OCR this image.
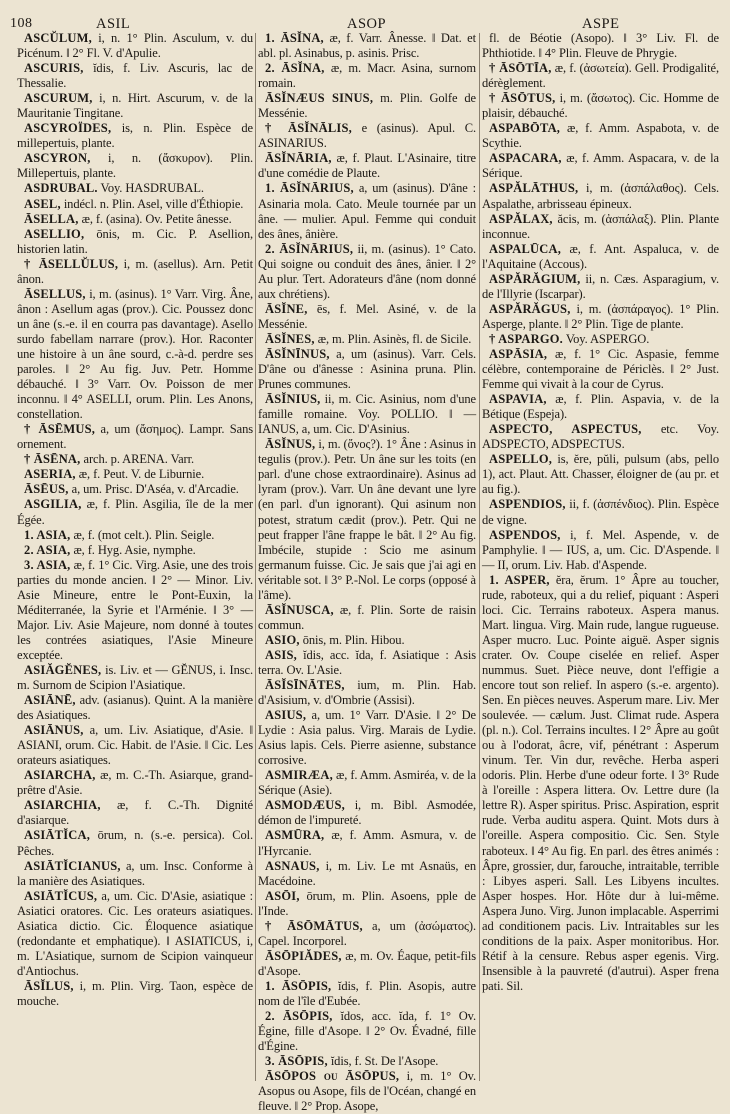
108	ASIL	ASOP	ASPE

ASCŬLUM, i, n. 1° Plin. Asculum, v. du Picénum. ‖ 2° Fl. V. d'Apulie.

ASCURIS, ĭdis, f. Liv. Ascuris, lac de Thessalie.

ASCURUM, i, n. Hirt. Ascurum, v. de la Mauritanie Tingitane.

ASCYROÏDES, is, n. Plin. Espèce de millepertuis, plante.

ASCYRON, i, n. (ἄσκυρον). Plin. Millepertuis, plante.

ASDRUBAL. Voy. HASDRUBAL.

ASEL, indécl. n. Plin. Asel, ville d'Éthiopie.

ĀSELLA, æ, f. (asina). Ov. Petite ânesse.

ASELLIO, ōnis, m. Cic. P. Asellion, historien latin.

† ĀSELLŬLUS, i, m. (asellus). Arn. Petit ânon.

ĀSELLUS, i, m. (asinus). 1° Varr. Virg. Âne, ânon : Asellum agas (prov.). Cic. Poussez donc un âne (s.-e. il en courra pas davantage). Asello surdo fabellam narrare (prov.). Hor. Raconter une histoire à un âne sourd, c.-à-d. perdre ses paroles. ‖ 2° Au fig. Juv. Petr. Homme débauché. ‖ 3° Varr. Ov. Poisson de mer inconnu. ‖ 4° ASELLI, orum. Plin. Les Anons, constellation.

† ĀSĒMUS, a, um (ἄσημος). Lampr. Sans ornement.

† ĀSĒNA, arch. p. ARENA. Varr.

ASERIA, æ, f. Peut. V. de Liburnie.

ĀSĒUS, a, um. Prisc. D'Aséa, v. d'Arcadie.

ASGILIA, æ, f. Plin. Asgilia, île de la mer Égée.

1. ASIA, æ, f. (mot celt.). Plin. Seigle.

2. ASIA, æ, f. Hyg. Asie, nymphe.

3. ASIA, æ, f. 1° Cic. Virg. Asie, une des trois parties du monde ancien. ‖ 2° — Minor. Liv. Asie Mineure, entre le Pont-Euxin, la Méditerranée, la Syrie et l'Arménie. ‖ 3° — Major. Liv. Asie Majeure, nom donné à toutes les contrées asiatiques, l'Asie Mineure exceptée.

ASIĂGĔNES, is. Liv. et — GĔNUS, i. Insc. m. Surnom de Scipion l'Asiatique.

ASIĀNĒ, adv. (asianus). Quint. A la manière des Asiatiques.

ASIĀNUS, a, um. Liv. Asiatique, d'Asie. ‖ ASIANI, orum. Cic. Habit. de l'Asie. ‖ Cic. Les orateurs asiatiques.

ASIARCHA, æ, m. C.-Th. Asiarque, grand-prêtre d'Asie.

ASIARCHIA, æ, f. C.-Th. Dignité d'asiarque.

ASIĀTĬCA, ōrum, n. (s.-e. persica). Col. Pêches.

ASIĀTĬCIANUS, a, um. Insc. Conforme à la manière des Asiatiques.

ASIĀTĬCUS, a, um. Cic. D'Asie, asiatique : Asiatici oratores. Cic. Les orateurs asiatiques. Asiatica dictio. Cic. Éloquence asiatique (redondante et emphatique). ‖ ASIATICUS, i, m. L'Asiatique, surnom de Scipion vainqueur d'Antiochus.

ĀSĬLUS, i, m. Plin. Virg. Taon, espèce de mouche.

1. ĀSĬNA, æ, f. Varr. Ânesse. ‖ Dat. et abl. pl. Asinabus, p. asinis. Prisc.

2. ĀSĬNA, æ, m. Macr. Asina, surnom romain.

ĀSĬNÆUS SINUS, m. Plin. Golfe de Messénie.

† ĀSĬNĀLIS, e (asinus). Apul. C. ASINARIUS.

ĀSĬNĀRIA, æ, f. Plaut. L'Asinaire, titre d'une comédie de Plaute.

1. ĀSĬNĀRIUS, a, um (asinus). D'âne : Asinaria mola. Cato. Meule tournée par un âne. — mulier. Apul. Femme qui conduit des ânes, ânière.

2. ĀSĬNĀRIUS, ii, m. (asinus). 1° Cato. Qui soigne ou conduit des ânes, ânier. ‖ 2° Au plur. Tert. Adorateurs d'âne (nom donné aux chrétiens).

ĀSĬNE, ēs, f. Mel. Asiné, v. de la Messénie.

ĀSĬNES, æ, m. Plin. Asinès, fl. de Sicile.

ĀSĬNĪNUS, a, um (asinus). Varr. Cels. D'âne ou d'ânesse : Asinina pruna. Plin. Prunes communes.

ĀSĬNIUS, ii, m. Cic. Asinius, nom d'une famille romaine. Voy. POLLIO. ‖ — IANUS, a, um. Cic. D'Asinius.

ĀSĬNUS, i, m. (ὄνος?). 1° Âne : Asinus in tegulis (prov.). Petr. Un âne sur les toits (en parl. d'une chose extraordinaire). Asinus ad lyram (prov.). Varr. Un âne devant une lyre (en parl. d'un ignorant). Qui asinum non potest, stratum cædit (prov.). Petr. Qui ne peut frapper l'âne frappe le bât. ‖ 2° Au fig. Imbécile, stupide : Scio me asinum germanum fuisse. Cic. Je sais que j'ai agi en véritable sot. ‖ 3° P.-Nol. Le corps (opposé à l'âme).

ĀSĬNUSCA, æ, f. Plin. Sorte de raisin commun.

ASIO, ōnis, m. Plin. Hibou.

ASIS, ĭdis, acc. ĭda, f. Asiatique : Asis terra. Ov. L'Asie.

ĀSĬSĪNĀTES, ium, m. Plin. Hab. d'Asisium, v. d'Ombrie (Assisi).

ASIUS, a, um. 1° Varr. D'Asie. ‖ 2° De Lydie : Asia palus. Virg. Marais de Lydie. Asius lapis. Cels. Pierre asienne, substance corrosive.

ASMIRÆA, æ, f. Amm. Asmiréa, v. de la Sérique (Asie).

ASMODÆUS, i, m. Bibl. Asmodée, démon de l'impureté.

ASMŪRA, æ, f. Amm. Asmura, v. de l'Hyrcanie.

ASNAUS, i, m. Liv. Le mt Asnaüs, en Macédoine.

ASŌI, ōrum, m. Plin. Asoens, pple de l'Inde.

† ĀSŌMĀTUS, a, um (ἀσώματος). Capel. Incorporel.

ĀSŌPIĂDES, æ, m. Ov. Éaque, petit-fils d'Asope.

1. ĀSŌPIS, ĭdis, f. Plin. Asopis, autre nom de l'île d'Eubée.

2. ĀSŌPIS, ĭdos, acc. ĭda, f. 1° Ov. Égine, fille d'Asope. ‖ 2° Ov. Évadné, fille d'Égine.

3. ĀSŌPIS, ĭdis, f. St. De l'Asope.

ĀSŌPOS ou ĀSŌPUS, i, m. 1° Ov. Asopus ou Asope, fils de l'Océan, changé en fleuve. ‖ 2° Prop. Asope,

fl. de Béotie (Asopo). ‖ 3° Liv. Fl. de Phthiotide. ‖ 4° Plin. Fleuve de Phrygie.

† ĀSŌTĪA, æ, f. (ἀσωτεία). Gell. Prodigalité, dérèglement.

† ĀSŌTUS, i, m. (ἄσωτος). Cic. Homme de plaisir, débauché.

ASPABŌTA, æ, f. Amm. Aspabota, v. de Scythie.

ASPACARA, æ, f. Amm. Aspacara, v. de la Sérique.

ASPĂLĀTHUS, i, m. (ἀσπάλαθος). Cels. Aspalathe, arbrisseau épineux.

ASPĂLAX, ăcis, m. (ἀσπάλαξ). Plin. Plante inconnue.

ASPALŪCA, æ, f. Ant. Aspaluca, v. de l'Aquitaine (Accous).

ASPĂRĂGIUM, ii, n. Cæs. Asparagium, v. de l'Illyrie (Iscarpar).

ASPĂRĂGUS, i, m. (ἀσπάραγος). 1° Plin. Asperge, plante. ‖ 2° Plin. Tige de plante.

† ASPARGO. Voy. ASPERGO.

ASPĀSIA, æ, f. 1° Cic. Aspasie, femme célèbre, contemporaine de Périclès. ‖ 2° Just. Femme qui vivait à la cour de Cyrus.

ASPAVIA, æ, f. Plin. Aspavia, v. de la Bétique (Espeja).

ASPECTO, ASPECTUS, etc. Voy. ADSPECTO, ADSPECTUS.

ASPELLO, is, ĕre, pŭli, pulsum (abs, pello 1), act. Plaut. Att. Chasser, éloigner de (au pr. et au fig.).

ASPENDIOS, ii, f. (ἀσπένδιος). Plin. Espèce de vigne.

ASPENDOS, i, f. Mel. Aspende, v. de Pamphylie. ‖ — IUS, a, um. Cic. D'Aspende. ‖ — II, orum. Liv. Hab. d'Aspende.

1. ASPER, ĕra, ĕrum. 1° Âpre au toucher, rude, raboteux, qui a du relief, piquant : Asperi loci. Cic. Terrains raboteux. Aspera manus. Mart. lingua. Virg. Main rude, langue rugueuse. Asper mucro. Luc. Pointe aiguë. Asper signis crater. Ov. Coupe ciselée en relief. Asper nummus. Suet. Pièce neuve, dont l'effigie a encore tout son relief. In aspero (s.-e. argento). Sen. En pièces neuves. Asperum mare. Liv. Mer soulevée. — cælum. Just. Climat rude. Aspera (pl. n.). Col. Terrains incultes. ‖ 2° Âpre au goût ou à l'odorat, âcre, vif, pénétrant : Asperum vinum. Ter. Vin dur, revêche. Herba asperi odoris. Plin. Herbe d'une odeur forte. ‖ 3° Rude à l'oreille : Aspera littera. Ov. Lettre dure (la lettre R). Asper spiritus. Prisc. Aspiration, esprit rude. Verba auditu aspera. Quint. Mots durs à l'oreille. Aspera compositio. Cic. Sen. Style raboteux. ‖ 4° Au fig. En parl. des êtres animés : Âpre, grossier, dur, farouche, intraitable, terrible : Libyes asperi. Sall. Les Libyens incultes. Asper hospes. Hor. Hôte dur à lui-même. Aspera Juno. Virg. Junon implacable. Asperrimi ad conditionem pacis. Liv. Intraitables sur les conditions de la paix. Asper monitoribus. Hor. Rétif à la censure. Rebus asper egenis. Virg. Insensible à la pauvreté (d'autrui). Asper frena pati. Sil.
